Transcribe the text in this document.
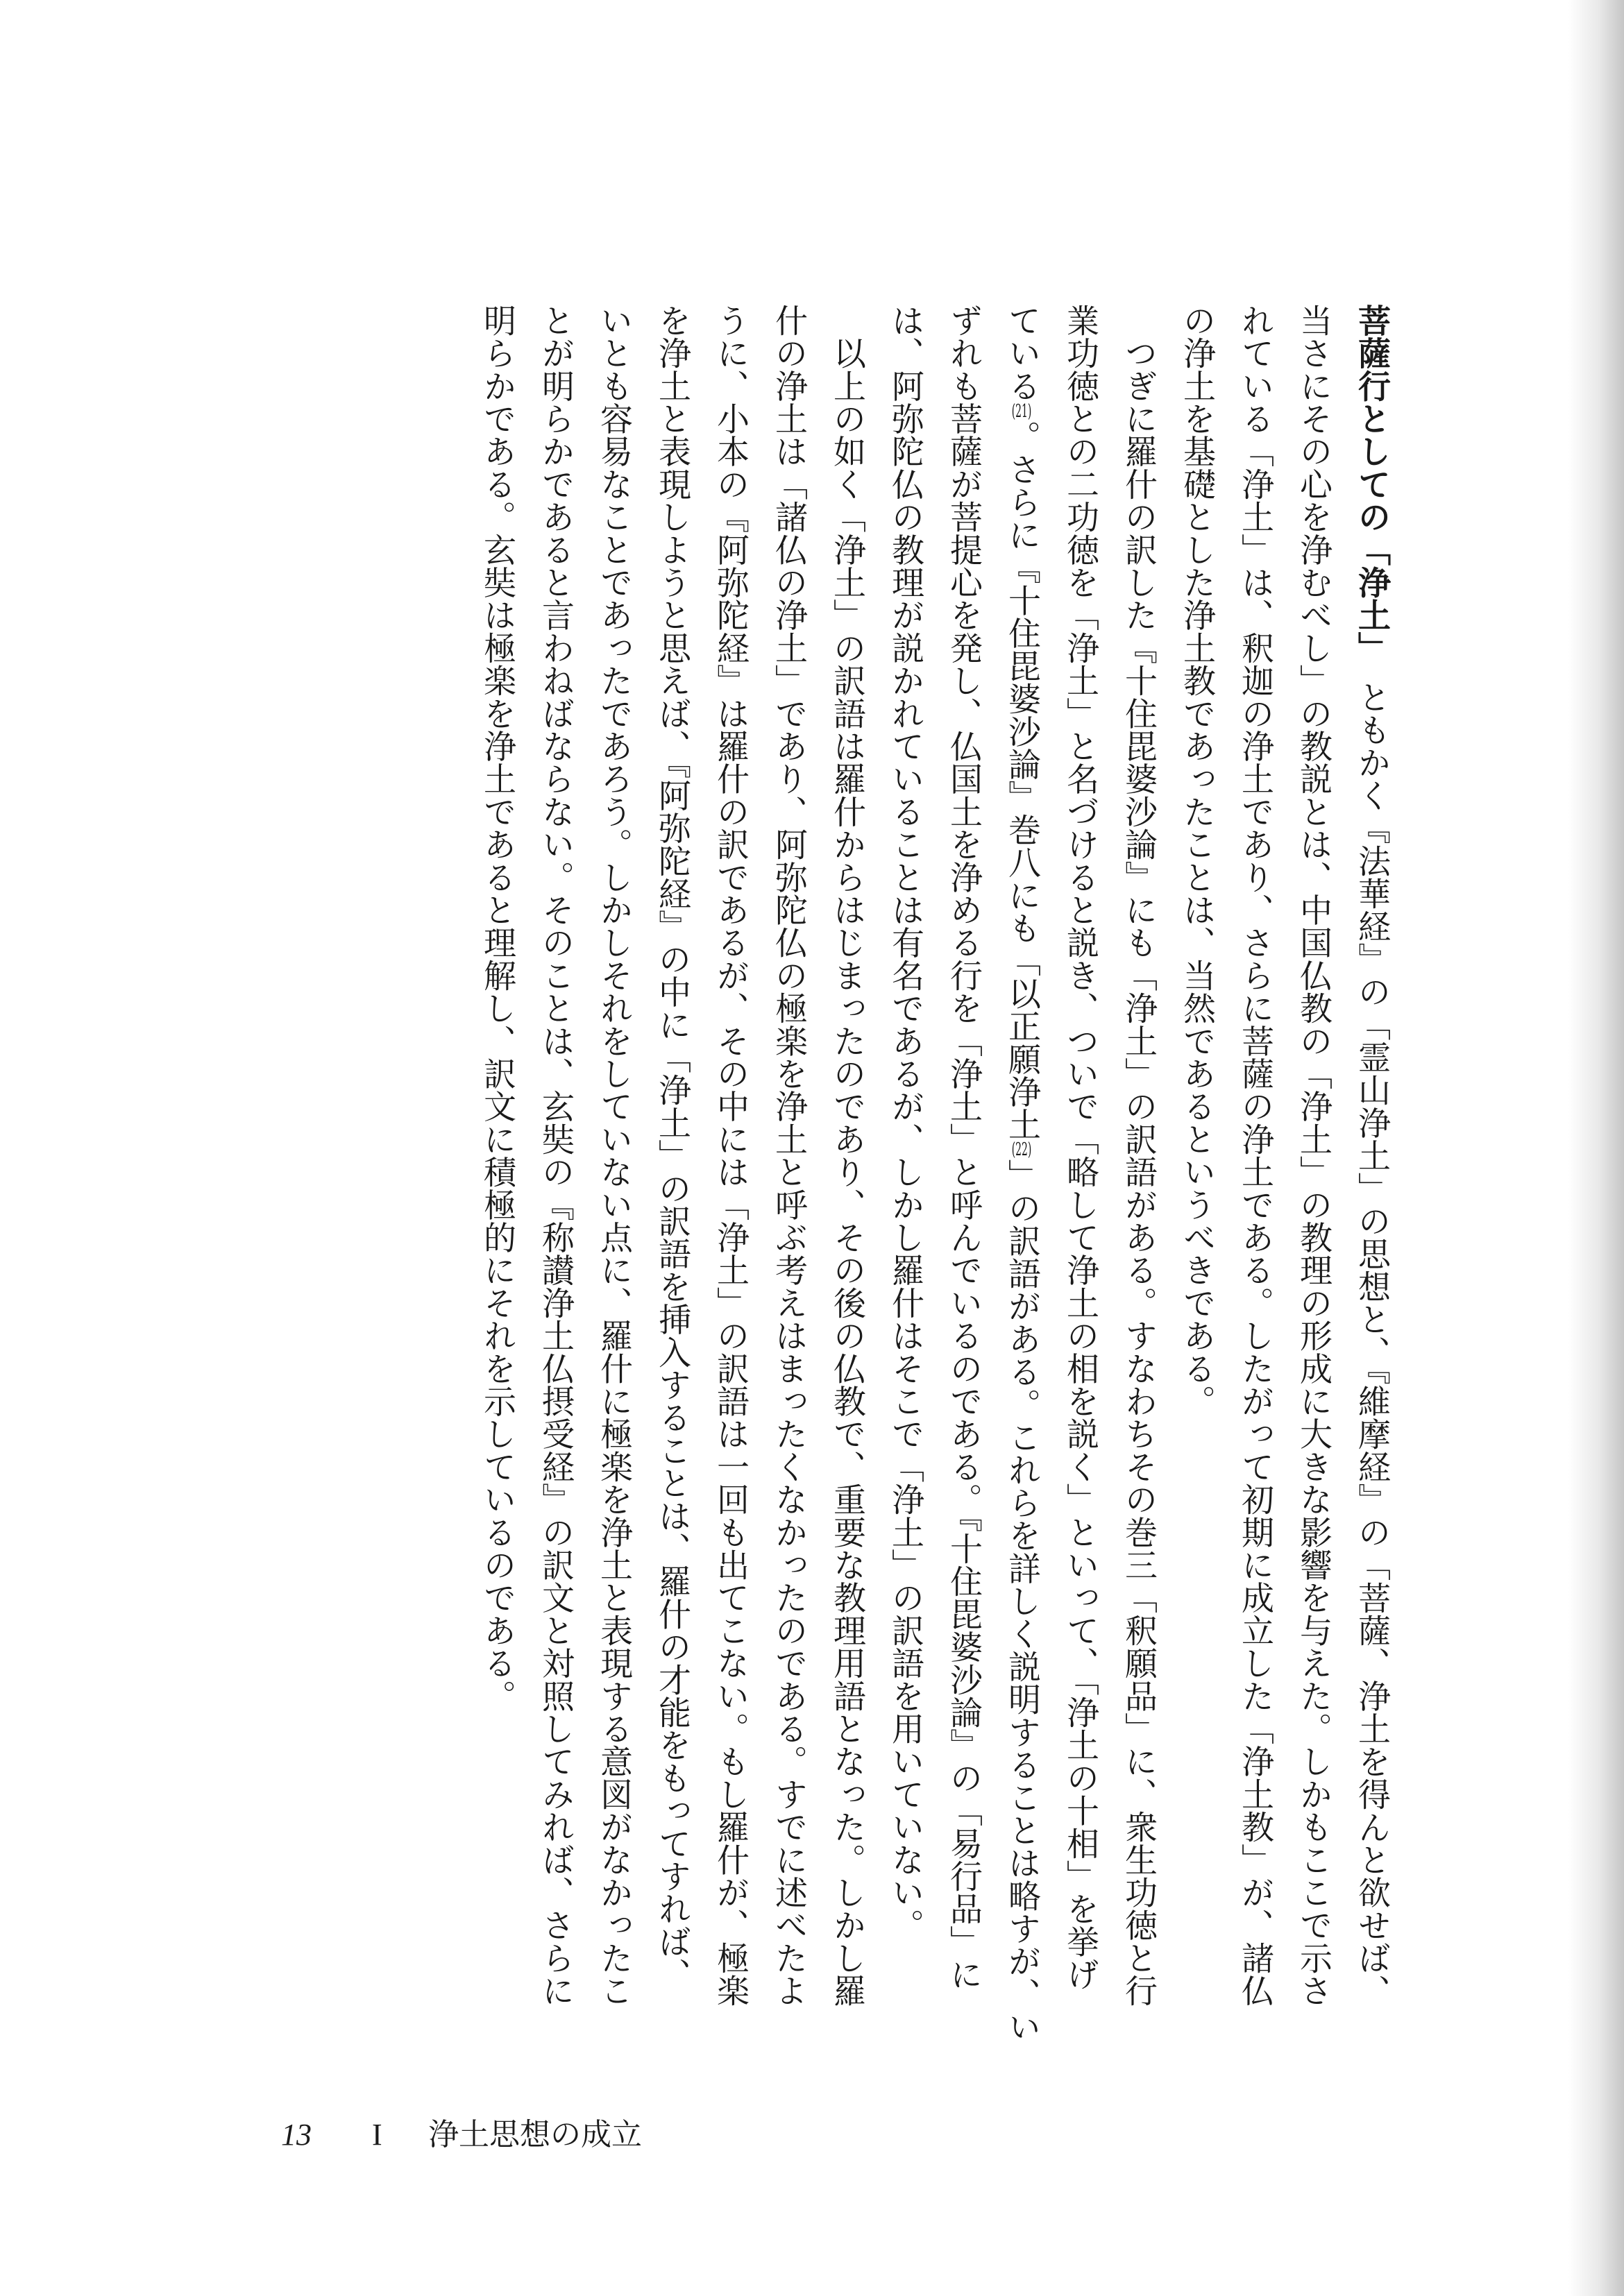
菩薩行としての「浄土」　ともかく『法華経』の「霊山浄土」の思想と、『維摩経』の「菩薩、浄土を得んと欲せば、

当さにその心を浄むべし」の教説とは、中国仏教の「浄土」の教理の形成に大きな影響を与えた。しかもここで示さ

れている「浄土」は、釈迦の浄土であり、さらに菩薩の浄土である。したがって初期に成立した「浄土教」が、諸仏

の浄土を基礎とした浄土教であったことは、当然であるというべきである。

　つぎに羅什の訳した『十住毘婆沙論』にも「浄土」の訳語がある。すなわちその巻三「釈願品」に、衆生功徳と行

業功徳との二功徳を「浄土」と名づけると説き、ついで「略して浄土の相を説く」といって、「浄土の十相」を挙げ

ている(21)。さらに『十住毘婆沙論』巻八にも「以正願浄土(22)」の訳語がある。これらを詳しく説明することは略すが、い

ずれも菩薩が菩提心を発し、仏国土を浄める行を「浄土」と呼んでいるのである。『十住毘婆沙論』の「易行品」に

は、阿弥陀仏の教理が説かれていることは有名であるが、しかし羅什はそこで「浄土」の訳語を用いていない。

　以上の如く「浄土」の訳語は羅什からはじまったのであり、その後の仏教で、重要な教理用語となった。しかし羅

什の浄土は「諸仏の浄土」であり、阿弥陀仏の極楽を浄土と呼ぶ考えはまったくなかったのである。すでに述べたよ

うに、小本の『阿弥陀経』は羅什の訳であるが、その中には「浄土」の訳語は一回も出てこない。もし羅什が、極楽

を浄土と表現しようと思えば、『阿弥陀経』の中に「浄土」の訳語を挿入することは、羅什の才能をもってすれば、

いとも容易なことであったであろう。しかしそれをしていない点に、羅什に極楽を浄土と表現する意図がなかったこ

とが明らかであると言わねばならない。そのことは、玄奘の『称讃浄土仏摂受経』の訳文と対照してみれば、さらに

明らかである。玄奘は極楽を浄土であると理解し、訳文に積極的にそれを示しているのである。

13 I 浄土思想の成立
